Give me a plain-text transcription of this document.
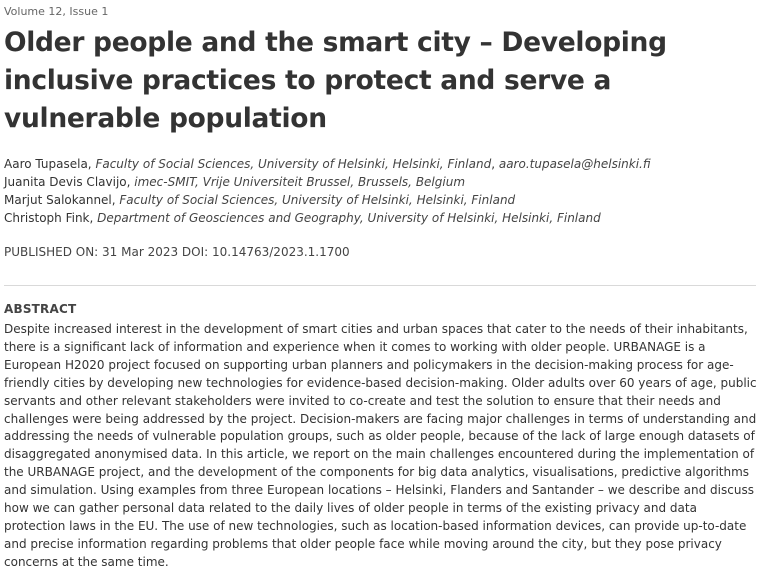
Volume 12, Issue 1
Older people and the smart city – Developing inclusive practices to protect and serve a vulnerable population
Aaro Tupasela, Faculty of Social Sciences, University of Helsinki, Helsinki, Finland, aaro.tupasela@helsinki.fi
Juanita Devis Clavijo, imec-SMIT, Vrije Universiteit Brussel, Brussels, Belgium
Marjut Salokannel, Faculty of Social Sciences, University of Helsinki, Helsinki, Finland
Christoph Fink, Department of Geosciences and Geography, University of Helsinki, Helsinki, Finland
PUBLISHED ON: 31 Mar 2023 DOI: 10.14763/2023.1.1700
ABSTRACT
Despite increased interest in the development of smart cities and urban spaces that cater to the needs of their inhabitants, there is a significant lack of information and experience when it comes to working with older people. URBANAGE is a European H2020 project focused on supporting urban planners and policymakers in the decision-making process for age-friendly cities by developing new technologies for evidence-based decision-making. Older adults over 60 years of age, public servants and other relevant stakeholders were invited to co-create and test the solution to ensure that their needs and challenges were being addressed by the project. Decision-makers are facing major challenges in terms of understanding and addressing the needs of vulnerable population groups, such as older people, because of the lack of large enough datasets of disaggregated anonymised data. In this article, we report on the main challenges encountered during the implementation of the URBANAGE project, and the development of the components for big data analytics, visualisations, predictive algorithms and simulation. Using examples from three European locations – Helsinki, Flanders and Santander – we describe and discuss how we can gather personal data related to the daily lives of older people in terms of the existing privacy and data protection laws in the EU. The use of new technologies, such as location-based information devices, can provide up-to-date and precise information regarding problems that older people face while moving around the city, but they pose privacy concerns at the same time.
